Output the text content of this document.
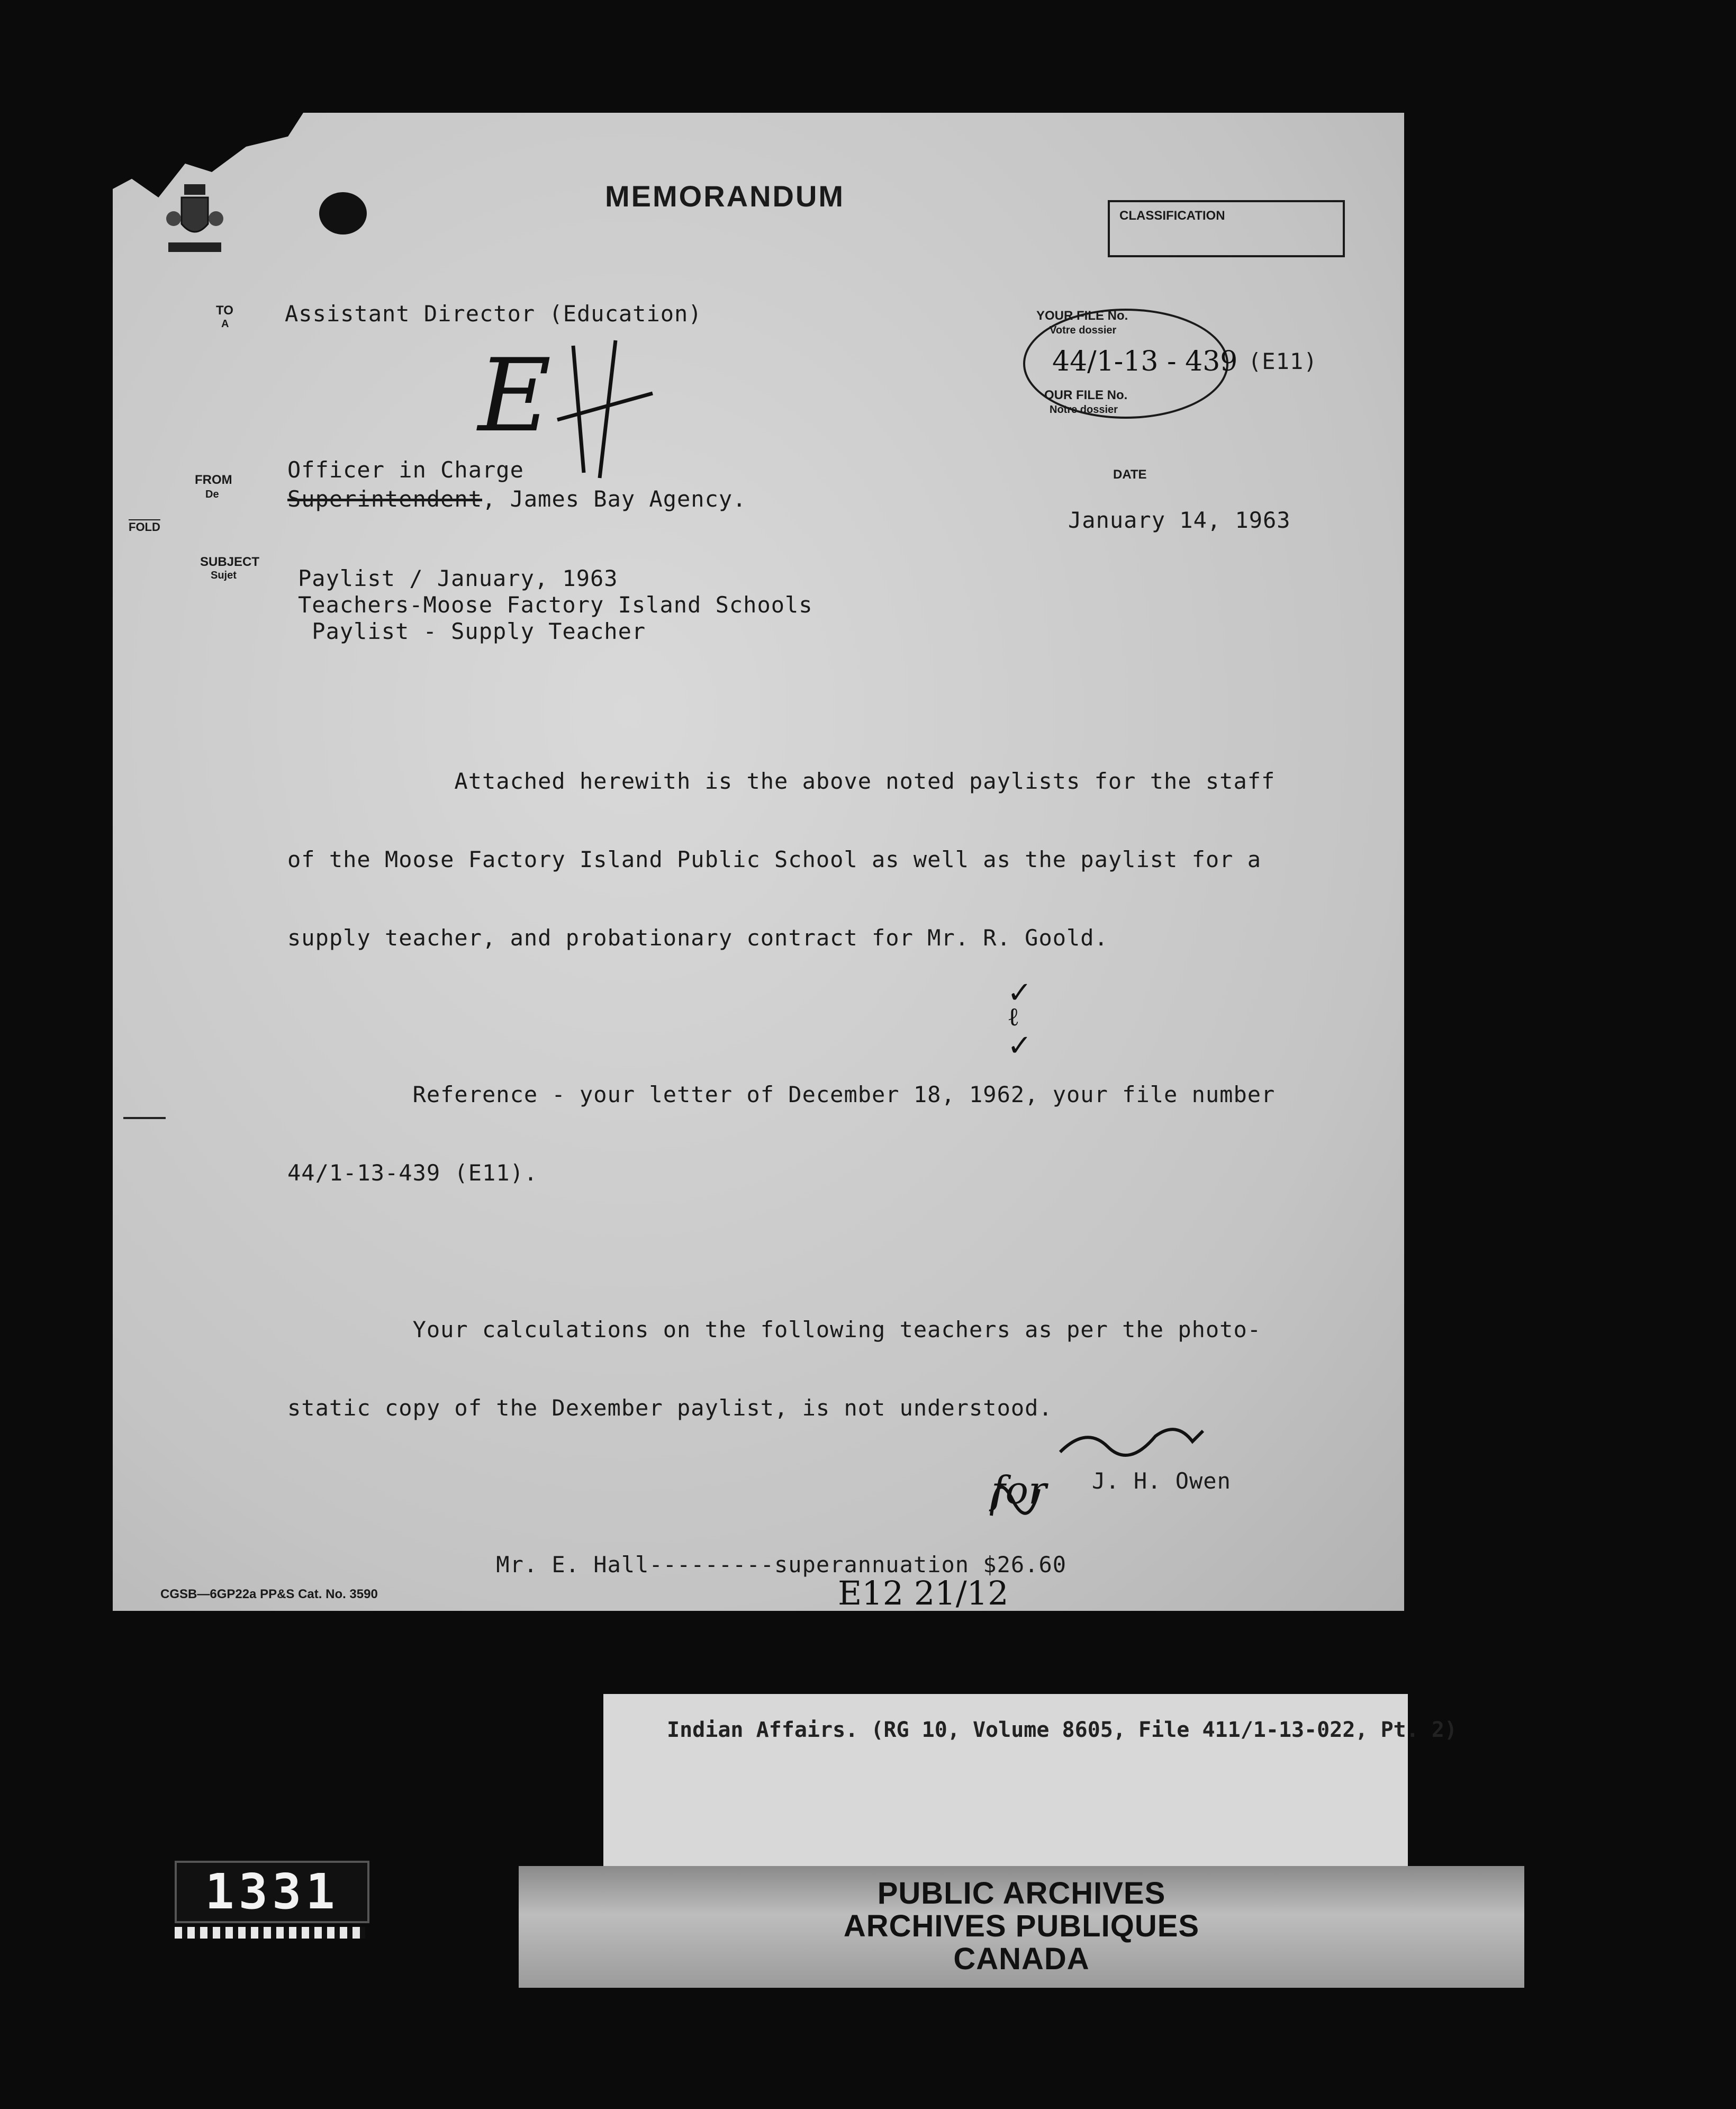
MEMORANDUM
CLASSIFICATION
TO
A	Assistant Director (Education)
E
FROM
De
Officer in Charge
Superintendent, James Bay Agency.
FOLD
SUBJECT
Sujet	Paylist / January, 1963
Teachers-Moose Factory Island Schools
Paylist - Supply Teacher
YOUR FILE No.
Votre dossier
44/1-13 - 439 (E11)
OUR FILE No.
Notre dossier
DATE
January 14, 1963

Attached herewith is the above noted paylists for the staff

of the Moose Factory Island Public School as well as the paylist for a

supply teacher, and probationary contract for Mr. R. Goold.

Reference - your letter of December 18, 1962, your file number

44/1-13-439 (E11).

Your calculations on the following teachers as per the photo-

static copy of the Dexember paylist, is not understood.

Mr. E. Hall---------superannuation $26.60

✓
ℓ
✓
for J. H. Owen
CGSB—6GP22a PP&S Cat. No. 3590	E12 21/12
Indian Affairs. (RG 10, Volume 8605, File 411/1-13-022, Pt. 2)
PUBLIC ARCHIVES
ARCHIVES PUBLIQUES
CANADA
1331
